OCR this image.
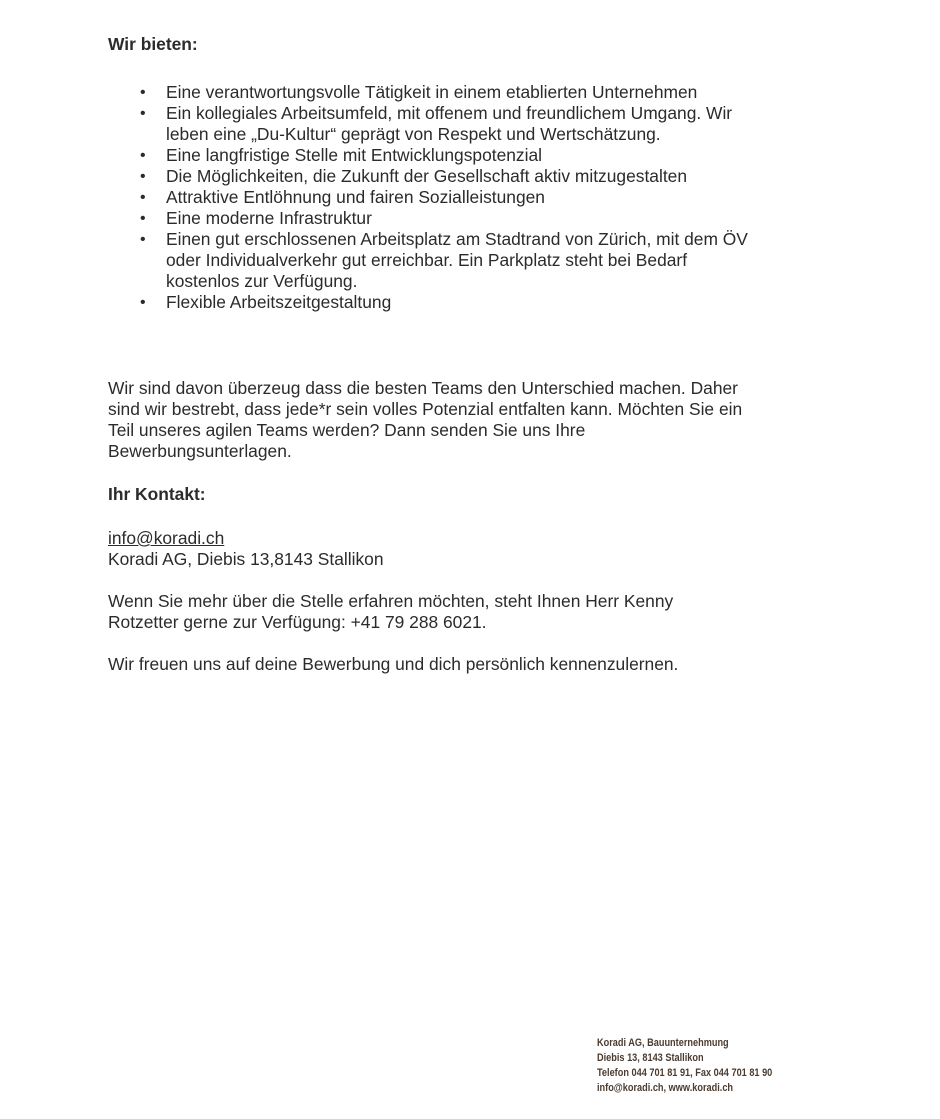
Wir bieten:

• Eine verantwortungsvolle Tätigkeit in einem etablierten Unternehmen
• Ein kollegiales Arbeitsumfeld, mit offenem und freundlichem Umgang. Wir
leben eine „Du-Kultur“ geprägt von Respekt und Wertschätzung.
• Eine langfristige Stelle mit Entwicklungspotenzial
• Die Möglichkeiten, die Zukunft der Gesellschaft aktiv mitzugestalten
• Attraktive Entlöhnung und fairen Sozialleistungen
• Eine moderne Infrastruktur
• Einen gut erschlossenen Arbeitsplatz am Stadtrand von Zürich, mit dem ÖV
oder Individualverkehr gut erreichbar. Ein Parkplatz steht bei Bedarf
kostenlos zur Verfügung.
• Flexible Arbeitszeitgestaltung

Wir sind davon überzeug dass die besten Teams den Unterschied machen. Daher
sind wir bestrebt, dass jede*r sein volles Potenzial entfalten kann. Möchten Sie ein
Teil unseres agilen Teams werden? Dann senden Sie uns Ihre
Bewerbungsunterlagen.

Ihr Kontakt:

info@koradi.ch
Koradi AG, Diebis 13,8143 Stallikon

Wenn Sie mehr über die Stelle erfahren möchten, steht Ihnen Herr Kenny
Rotzetter gerne zur Verfügung: +41 79 288 6021.

Wir freuen uns auf deine Bewerbung und dich persönlich kennenzulernen.

Koradi AG, Bauunternehmung
Diebis 13, 8143 Stallikon
Telefon 044 701 81 91, Fax 044 701 81 90
info@koradi.ch, www.koradi.ch
